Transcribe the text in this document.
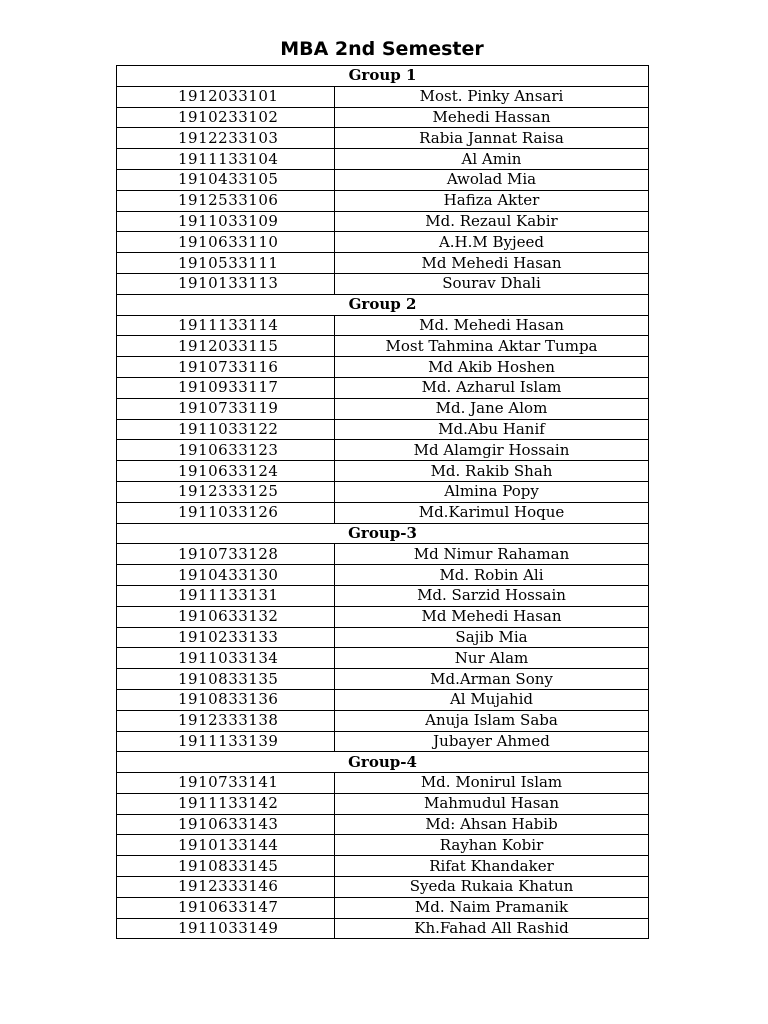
MBA 2nd Semester
Group 1	
1912033101	Most. Pinky Ansari
1910233102	Mehedi Hassan
1912233103	Rabia Jannat Raisa
1911133104	Al Amin
1910433105	Awolad Mia
1912533106	Hafiza Akter
1911033109	Md. Rezaul Kabir
1910633110	A.H.M Byjeed
1910533111	Md Mehedi Hasan
1910133113	Sourav Dhali
Group 2	
1911133114	Md. Mehedi Hasan
1912033115	Most Tahmina Aktar Tumpa
1910733116	Md Akib Hoshen
1910933117	Md. Azharul Islam
1910733119	Md. Jane Alom
1911033122	Md.Abu Hanif
1910633123	Md Alamgir Hossain
1910633124	Md. Rakib Shah
1912333125	Almina Popy
1911033126	Md.Karimul Hoque
Group-3	
1910733128	Md Nimur Rahaman
1910433130	Md. Robin Ali
1911133131	Md. Sarzid Hossain
1910633132	Md Mehedi Hasan
1910233133	Sajib Mia
1911033134	Nur Alam
1910833135	Md.Arman Sony
1910833136	Al Mujahid
1912333138	Anuja Islam Saba
1911133139	Jubayer Ahmed
Group-4	
1910733141	Md. Monirul Islam
1911133142	Mahmudul Hasan
1910633143	Md: Ahsan Habib
1910133144	Rayhan Kobir
1910833145	Rifat Khandaker
1912333146	Syeda Rukaia Khatun
1910633147	Md. Naim Pramanik
1911033149	Kh.Fahad All Rashid
